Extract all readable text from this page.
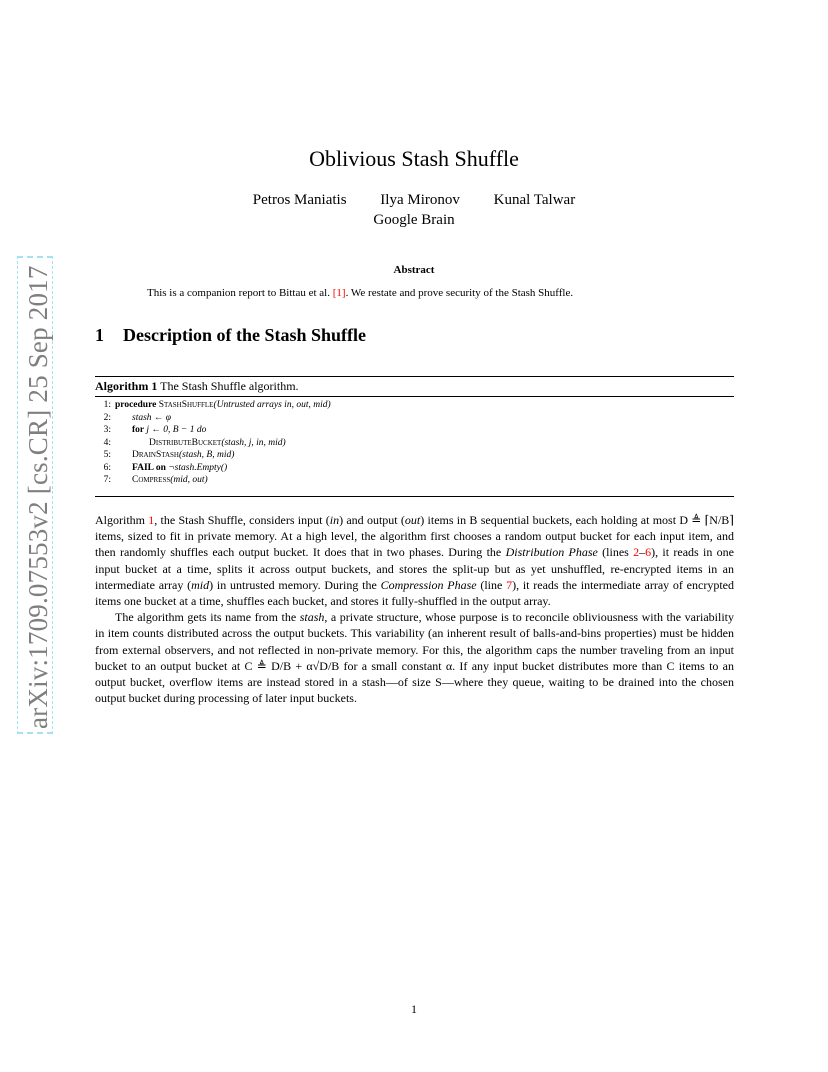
arXiv:1709.07553v2 [cs.CR] 25 Sep 2017
Oblivious Stash Shuffle
Petros Maniatis Ilya Mironov Kunal Talwar
Google Brain
Abstract
This is a companion report to Bittau et al. [1]. We restate and prove security of the Stash Shuffle.
1 Description of the Stash Shuffle
Algorithm 1 The Stash Shuffle algorithm.
1: procedure StashShuffle(Untrusted arrays in, out, mid)
2: stash ← φ
3: for j ← 0, B − 1 do
4:	DistributeBucket(stash, j, in, mid)
5: DrainStash(stash, B, mid)
6: FAIL on ¬stash.Empty()
7: Compress(mid, out)

Algorithm 1, the Stash Shuffle, considers input (in) and output (out) items in B sequential buckets, each holding at most D ≜ ⌈N/B⌉ items, sized to fit in private memory. At a high level, the algorithm first chooses a random output bucket for each input item, and then randomly shuffles each output bucket. It does that in two phases. During the Distribution Phase (lines 2–6), it reads in one input bucket at a time, splits it across output buckets, and stores the split-up but as yet unshuffled, re-encrypted items in an intermediate array (mid) in untrusted memory. During the Compression Phase (line 7), it reads the intermediate array of encrypted items one bucket at a time, shuffles each bucket, and stores it fully-shuffled in the output array.

The algorithm gets its name from the stash, a private structure, whose purpose is to reconcile obliviousness with the variability in item counts distributed across the output buckets. This variability (an inherent result of balls-and-bins properties) must be hidden from external observers, and not reflected in non-private memory. For this, the algorithm caps the number traveling from an input bucket to an output bucket at C ≜ D/B + α√D/B for a small constant α. If any input bucket distributes more than C items to an output bucket, overflow items are instead stored in a stash—of size S—where they queue, waiting to be drained into the chosen output bucket during processing of later input buckets.

1
